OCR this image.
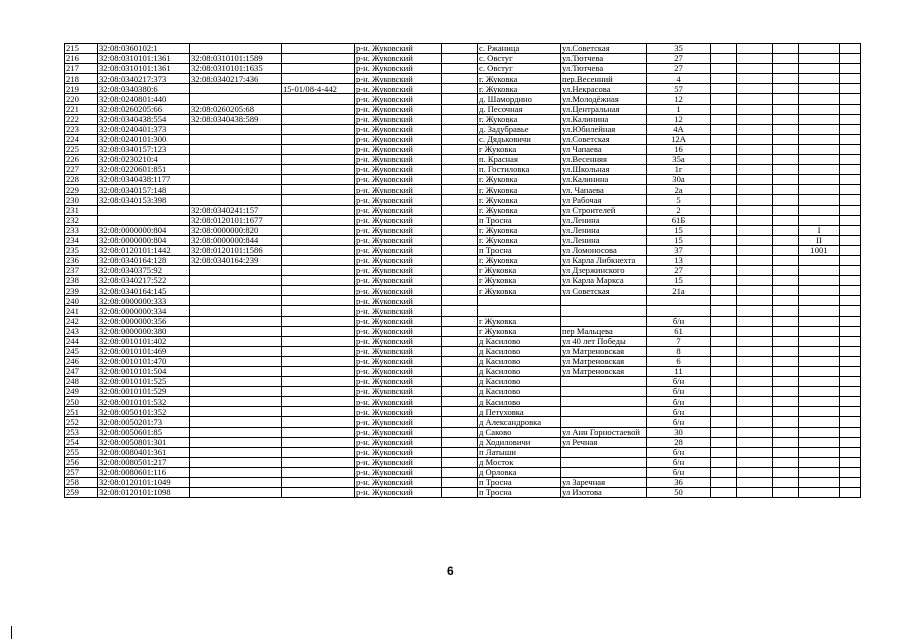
215	32:08:0360102:1			р-н. Жуковский		с. Ржаница	ул.Советская	35					
216	32:08:0310101:1361	32:08:0310101:1589		р-н. Жуковский		с. Овстуг	ул.Тютчева	27					
217	32:08:0310101:1361	32:08:0310101:1635		р-н. Жуковский		с. Овстуг	ул.Тютчева	27					
218	32:08:0340217:373	32:08:0340217:436		р-н. Жуковский		г. Жуковка	пер.Весенний	4					
219	32:08:0340380:6		15-01/08-4-442	р-н. Жуковский		г. Жуковка	ул.Некрасова	57					
220	32:08:0240801:440			р-н. Жуковский		д. Шамордино	ул.Молодёжная	12					
221	32:08:0260205:66	32:08:0260205:68		р-н. Жуковский		д. Песочная	ул.Центральная	1					
222	32:08:0340438:554	32:08:0340438:589		р-н. Жуковский		г. Жуковка	ул.Калинина	12					
223	32:08:0240401:373			р-н. Жуковский		д. Задубравье	ул.Юбилейная	4А					
224	32:08:0240101:300			р-н. Жуковский		с. Дядьковичи	ул.Советская	12А					
225	32:08:0340157:123			р-н. Жуковский		г Жуковка	ул Чапаева	16					
226	32:08:0230210:4			р-н. Жуковский		п. Красная	ул.Весенняя	35а					
227	32:08:0220601:851			р-н. Жуковский		п. Гостиловка	ул.Школьная	1г					
228	32:08:0340438:1177			р-н. Жуковский		г. Жуковка	ул.Калинина	30а					
229	32:08:0340157:148			р-н. Жуковский		г. Жуковка	ул. Чапаева	2а					
230	32:08:0340153:398			р-н. Жуковский		г. Жуковка	ул Рабочая	5					
231		32:08:0340241:157		р-н. Жуковский		г. Жуковка	ул Строителей	2					
232		32:08:0120101:1677		р-н. Жуковский		п Тросна	ул.Ленина	61Б					
233	32:08:0000000:804	32:08:0000000:820		р-н. Жуковский		г. Жуковка	ул.Ленина	15				I	
234	32:08:0000000:804	32:08:0000000:844		р-н. Жуковский		г. Жуковка	ул.Ленина	15				II	
235	32:08:0120101:1442	32:08:0120101:1586		р-н. Жуковский		п Тросна	ул Ломоносова	37				1001	
236	32:08:0340164:128	32:08:0340164:239		р-н. Жуковский		г. Жуковка	ул Карла Либкнехта	13					
237	32:08:0340375:92			р-н. Жуковский		г Жуковка	ул Дзержинского	27					
238	32:08:0340217:522			р-н. Жуковский		г Жуковка	ул Карла Маркса	15					
239	32:08:0340164:145			р-н. Жуковский		г Жуковка	ул Советская	21а					
240	32:08:0000000:333			р-н. Жуковский									
241	32:08:0000000:334			р-н. Жуковский									
242	32:08:0000000:356			р-н. Жуковский		г Жуковка		б/н					
243	32:08:0000000:380			р-н. Жуковский		г Жуковка	пер Мальцева	61					
244	32:08:0010101:402			р-н. Жуковский		д Касилово	ул 40 лет Победы	7					
245	32:08:0010101:469			р-н. Жуковский		д Касилово	ул Матреновская	8					
246	32:08:0010101:470			р-н. Жуковский		д Касилово	ул Матреновская	6					
247	32:08:0010101:504			р-н. Жуковский		д Касилово	ул Матреновская	11					
248	32:08:0010101:525			р-н. Жуковский		д Касилово		б/н					
249	32:08:0010101:529			р-н. Жуковский		д Касилово		б/н					
250	32:08:0010101:532			р-н. Жуковский		д Касилово		б/н					
251	32:08:0050101:352			р-н. Жуковский		д Петуховка		б/н					
252	32:08:0050201:73			р-н. Жуковский		д Александровка		б/н					
253	32:08:0050601:85			р-н. Жуковский		д Саково	ул Анн Горностаевой	30					
254	32:08:0050801:301			р-н. Жуковский		д Ходиловичи	ул Речная	28					
255	32:08:0080401:361			р-н. Жуковский		п Латыши		б/н					
256	32:08:0080501:217			р-н. Жуковский		д Мосток		б/н					
257	32:08:0080601:116			р-н. Жуковский		д Орловка		б/н					
258	32:08:0120101:1049			р-н. Жуковский		п Тросна	ул Заречная	36					
259	32:08:0120101:1098			р-н. Жуковский		п Тросна	ул Изотова	50					
6
